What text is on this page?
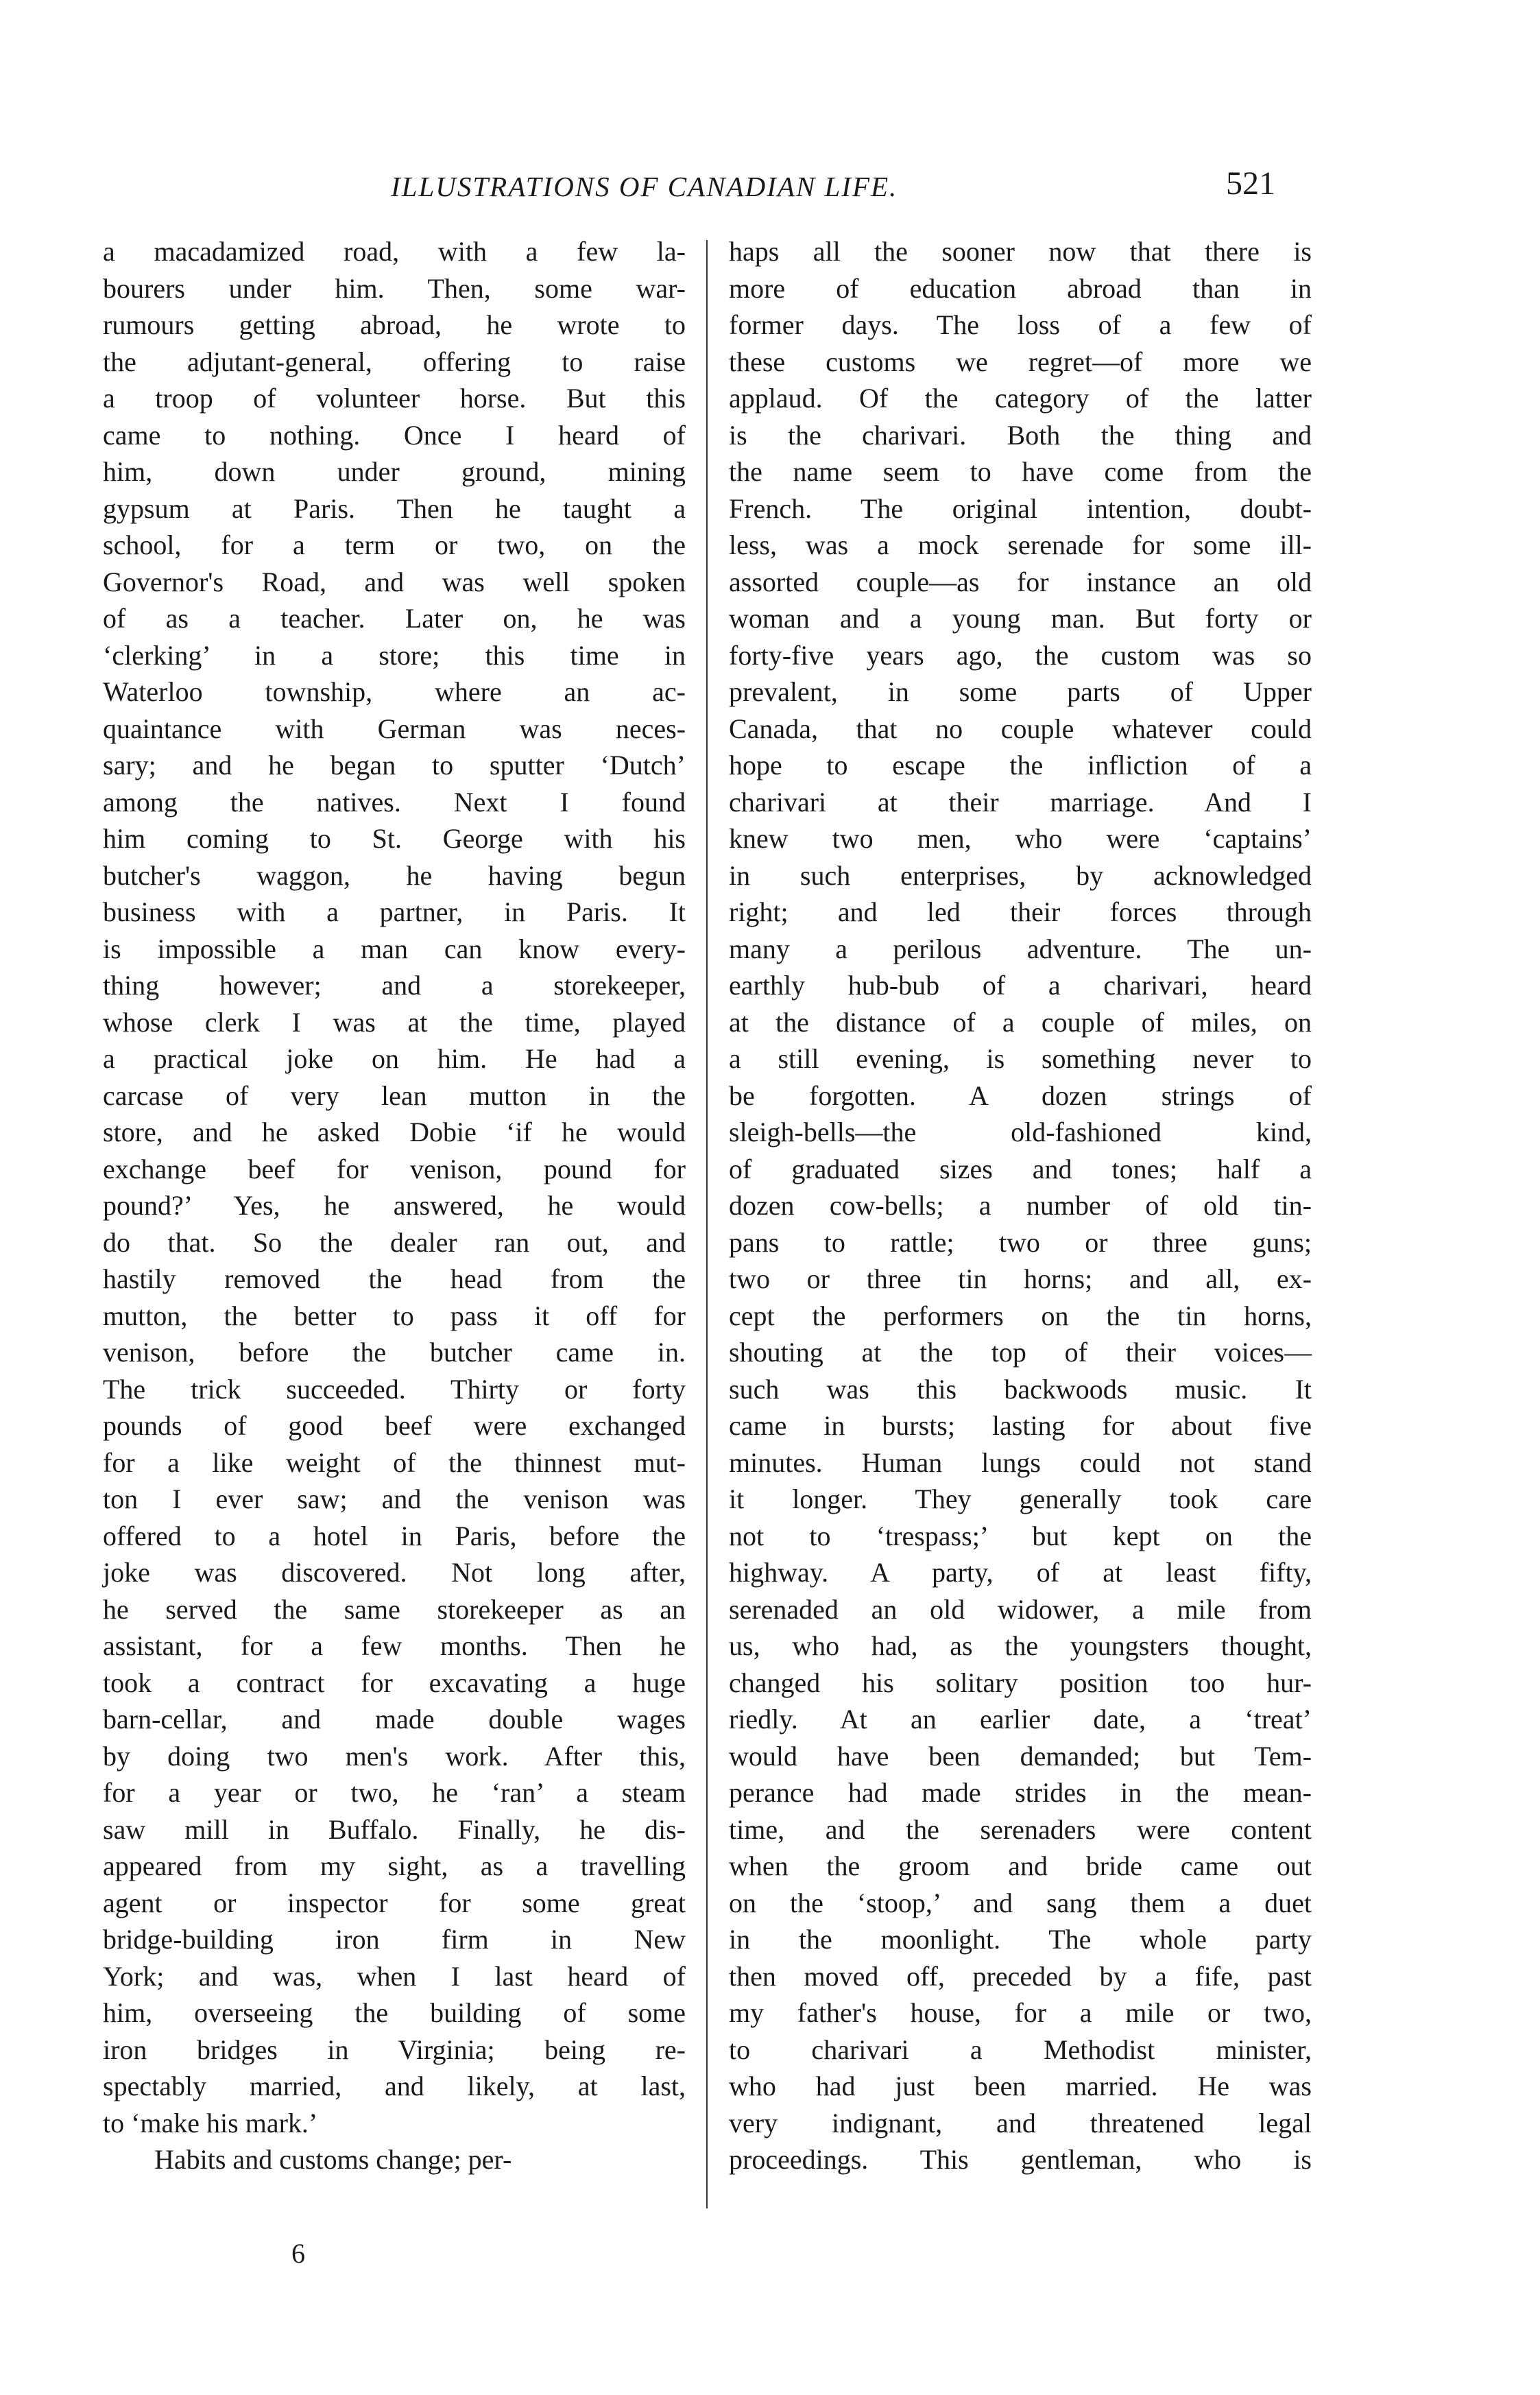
ILLUSTRATIONS OF CANADIAN LIFE.	521
a macadamized road, with a few la-
bourers under him. Then, some war-
rumours getting abroad, he wrote to
the adjutant-general, offering to raise
a troop of volunteer horse. But this
came to nothing. Once I heard of
him, down under ground, mining
gypsum at Paris. Then he taught a
school, for a term or two, on the
Governor's Road, and was well spoken
of as a teacher. Later on, he was
‘clerking’ in a store; this time in
Waterloo township, where an ac-
quaintance with German was neces-
sary; and he began to sputter ‘Dutch’
among the natives. Next I found
him coming to St. George with his
butcher's waggon, he having begun
business with a partner, in Paris. It
is impossible a man can know every-
thing however; and a storekeeper,
whose clerk I was at the time, played
a practical joke on him. He had a
carcase of very lean mutton in the
store, and he asked Dobie ‘if he would
exchange beef for venison, pound for
pound?’ Yes, he answered, he would
do that. So the dealer ran out, and
hastily removed the head from the
mutton, the better to pass it off for
venison, before the butcher came in.
The trick succeeded. Thirty or forty
pounds of good beef were exchanged
for a like weight of the thinnest mut-
ton I ever saw; and the venison was
offered to a hotel in Paris, before the
joke was discovered. Not long after,
he served the same storekeeper as an
assistant, for a few months. Then he
took a contract for excavating a huge
barn-cellar, and made double wages
by doing two men's work. After this,
for a year or two, he ‘ran’ a steam
saw mill in Buffalo. Finally, he dis-
appeared from my sight, as a travelling
agent or inspector for some great
bridge-building iron firm in New
York; and was, when I last heard of
him, overseeing the building of some
iron bridges in Virginia; being re-
spectably married, and likely, at last,
to ‘make his mark.’
Habits and customs change; per-
haps all the sooner now that there is
more of education abroad than in
former days. The loss of a few of
these customs we regret—of more we
applaud. Of the category of the latter
is the charivari. Both the thing and
the name seem to have come from the
French. The original intention, doubt-
less, was a mock serenade for some ill-
assorted couple—as for instance an old
woman and a young man. But forty or
forty-five years ago, the custom was so
prevalent, in some parts of Upper
Canada, that no couple whatever could
hope to escape the infliction of a
charivari at their marriage. And I
knew two men, who were ‘captains’
in such enterprises, by acknowledged
right; and led their forces through
many a perilous adventure. The un-
earthly hub-bub of a charivari, heard
at the distance of a couple of miles, on
a still evening, is something never to
be forgotten. A dozen strings of
sleigh-bells—the old-fashioned kind,
of graduated sizes and tones; half a
dozen cow-bells; a number of old tin-
pans to rattle; two or three guns;
two or three tin horns; and all, ex-
cept the performers on the tin horns,
shouting at the top of their voices—
such was this backwoods music. It
came in bursts; lasting for about five
minutes. Human lungs could not stand
it longer. They generally took care
not to ‘trespass;’ but kept on the
highway. A party, of at least fifty,
serenaded an old widower, a mile from
us, who had, as the youngsters thought,
changed his solitary position too hur-
riedly. At an earlier date, a ‘treat’
would have been demanded; but Tem-
perance had made strides in the mean-
time, and the serenaders were content
when the groom and bride came out
on the ‘stoop,’ and sang them a duet
in the moonlight. The whole party
then moved off, preceded by a fife, past
my father's house, for a mile or two,
to charivari a Methodist minister,
who had just been married. He was
very indignant, and threatened legal
proceedings. This gentleman, who is
6
